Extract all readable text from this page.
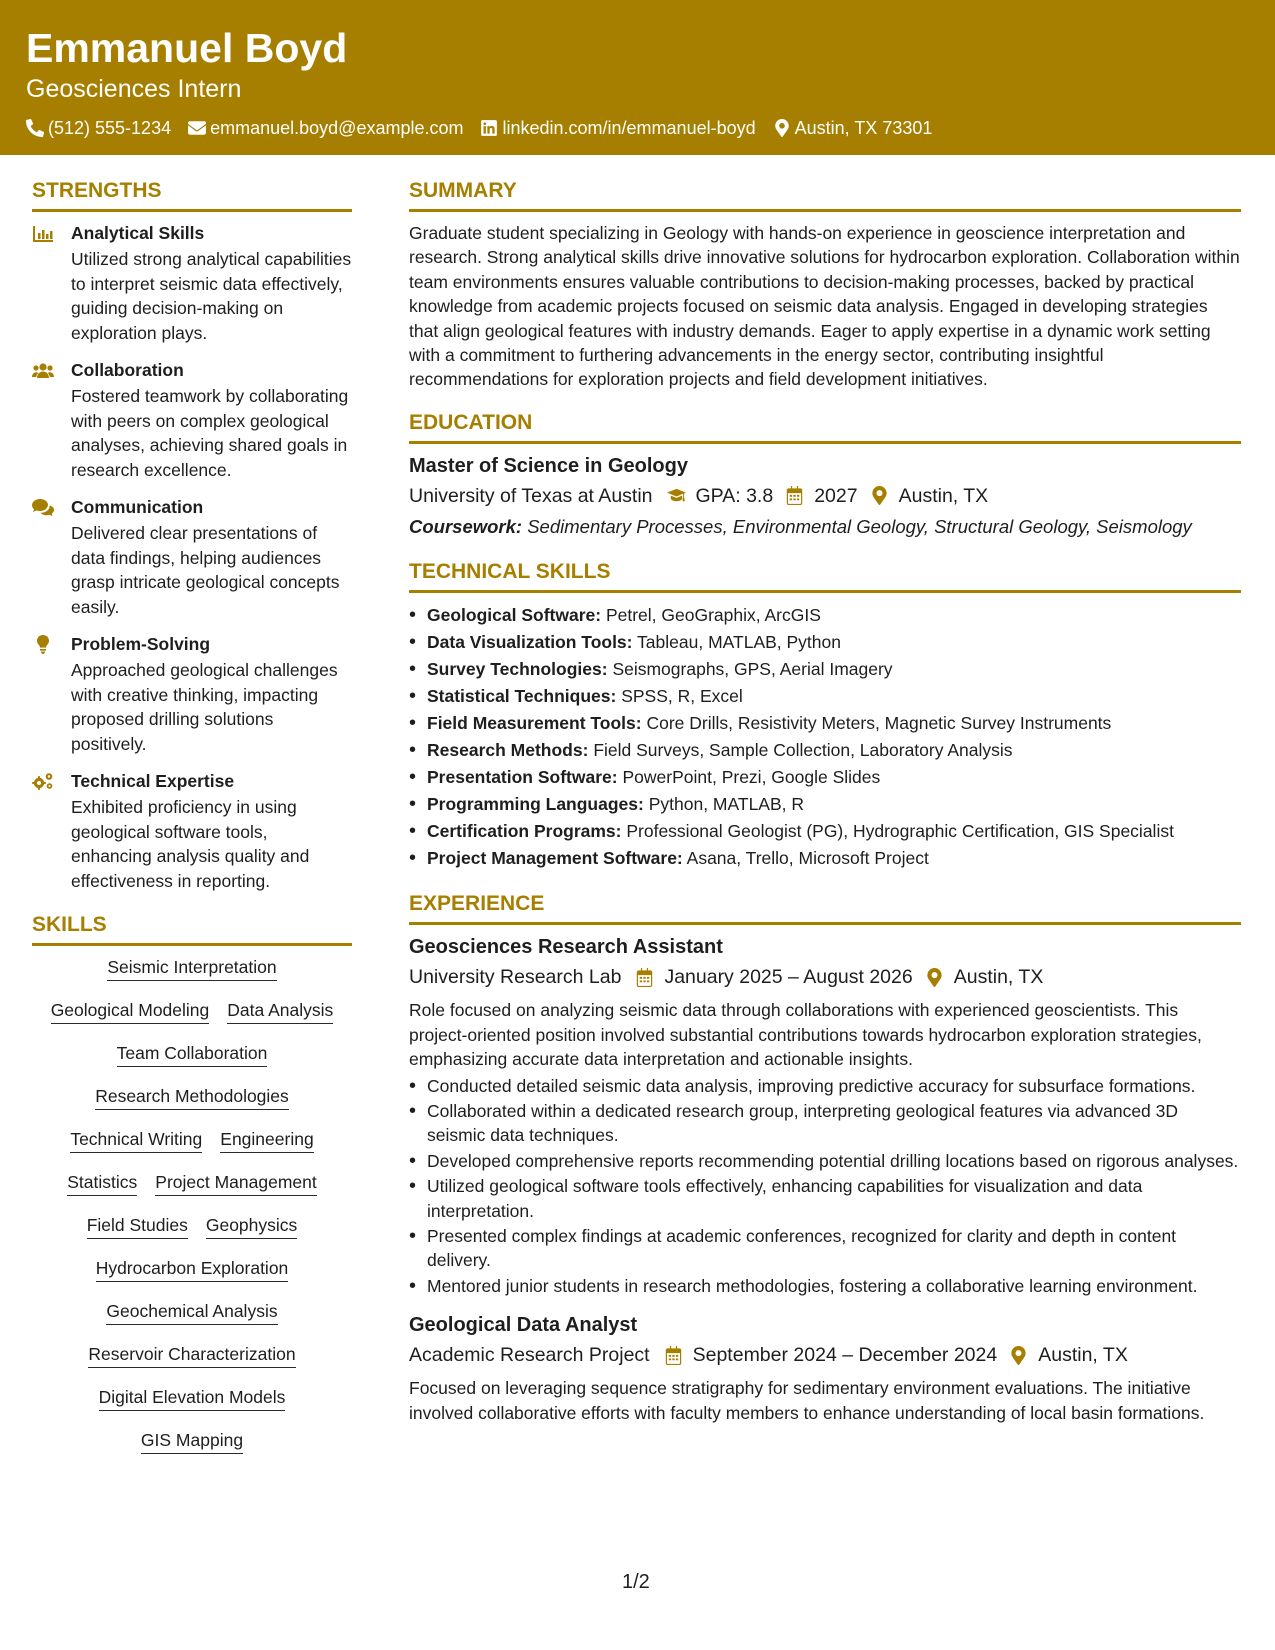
Emmanuel Boyd
Geosciences Intern
(512) 555-1234 emmanuel.boyd@example.com linkedin.com/in/emmanuel-boyd Austin, TX 73301
STRENGTHS
Analytical Skills
Utilized strong analytical capabilities to interpret seismic data effectively, guiding decision-making on exploration plays.
Collaboration
Fostered teamwork by collaborating with peers on complex geological analyses, achieving shared goals in research excellence.
Communication
Delivered clear presentations of data findings, helping audiences grasp intricate geological concepts easily.
Problem-Solving
Approached geological challenges with creative thinking, impacting proposed drilling solutions positively.
Technical Expertise
Exhibited proficiency in using geological software tools, enhancing analysis quality and effectiveness in reporting.
SKILLS
Seismic Interpretation
Geological Modeling Data Analysis
Team Collaboration
Research Methodologies
Technical Writing Engineering
Statistics Project Management
Field Studies Geophysics
Hydrocarbon Exploration
Geochemical Analysis
Reservoir Characterization
Digital Elevation Models
GIS Mapping
SUMMARY
Graduate student specializing in Geology with hands-on experience in geoscience interpretation and research. Strong analytical skills drive innovative solutions for hydrocarbon exploration. Collaboration within team environments ensures valuable contributions to decision-making processes, backed by practical knowledge from academic projects focused on seismic data analysis. Engaged in developing strategies that align geological features with industry demands. Eager to apply expertise in a dynamic work setting with a commitment to furthering advancements in the energy sector, contributing insightful recommendations for exploration projects and field development initiatives.
EDUCATION
Master of Science in Geology
University of Texas at Austin GPA: 3.8 2027 Austin, TX
Coursework: Sedimentary Processes, Environmental Geology, Structural Geology, Seismology
TECHNICAL SKILLS
• Geological Software: Petrel, GeoGraphix, ArcGIS
• Data Visualization Tools: Tableau, MATLAB, Python
• Survey Technologies: Seismographs, GPS, Aerial Imagery
• Statistical Techniques: SPSS, R, Excel
• Field Measurement Tools: Core Drills, Resistivity Meters, Magnetic Survey Instruments
• Research Methods: Field Surveys, Sample Collection, Laboratory Analysis
• Presentation Software: PowerPoint, Prezi, Google Slides
• Programming Languages: Python, MATLAB, R
• Certification Programs: Professional Geologist (PG), Hydrographic Certification, GIS Specialist
• Project Management Software: Asana, Trello, Microsoft Project
EXPERIENCE
Geosciences Research Assistant
University Research Lab January 2025 – August 2026 Austin, TX
Role focused on analyzing seismic data through collaborations with experienced geoscientists. This project-oriented position involved substantial contributions towards hydrocarbon exploration strategies, emphasizing accurate data interpretation and actionable insights.
• Conducted detailed seismic data analysis, improving predictive accuracy for subsurface formations.
• Collaborated within a dedicated research group, interpreting geological features via advanced 3D seismic data techniques.
• Developed comprehensive reports recommending potential drilling locations based on rigorous analyses.
• Utilized geological software tools effectively, enhancing capabilities for visualization and data interpretation.
• Presented complex findings at academic conferences, recognized for clarity and depth in content delivery.
• Mentored junior students in research methodologies, fostering a collaborative learning environment.
Geological Data Analyst
Academic Research Project September 2024 – December 2024 Austin, TX
Focused on leveraging sequence stratigraphy for sedimentary environment evaluations. The initiative involved collaborative efforts with faculty members to enhance understanding of local basin formations.
1/2
